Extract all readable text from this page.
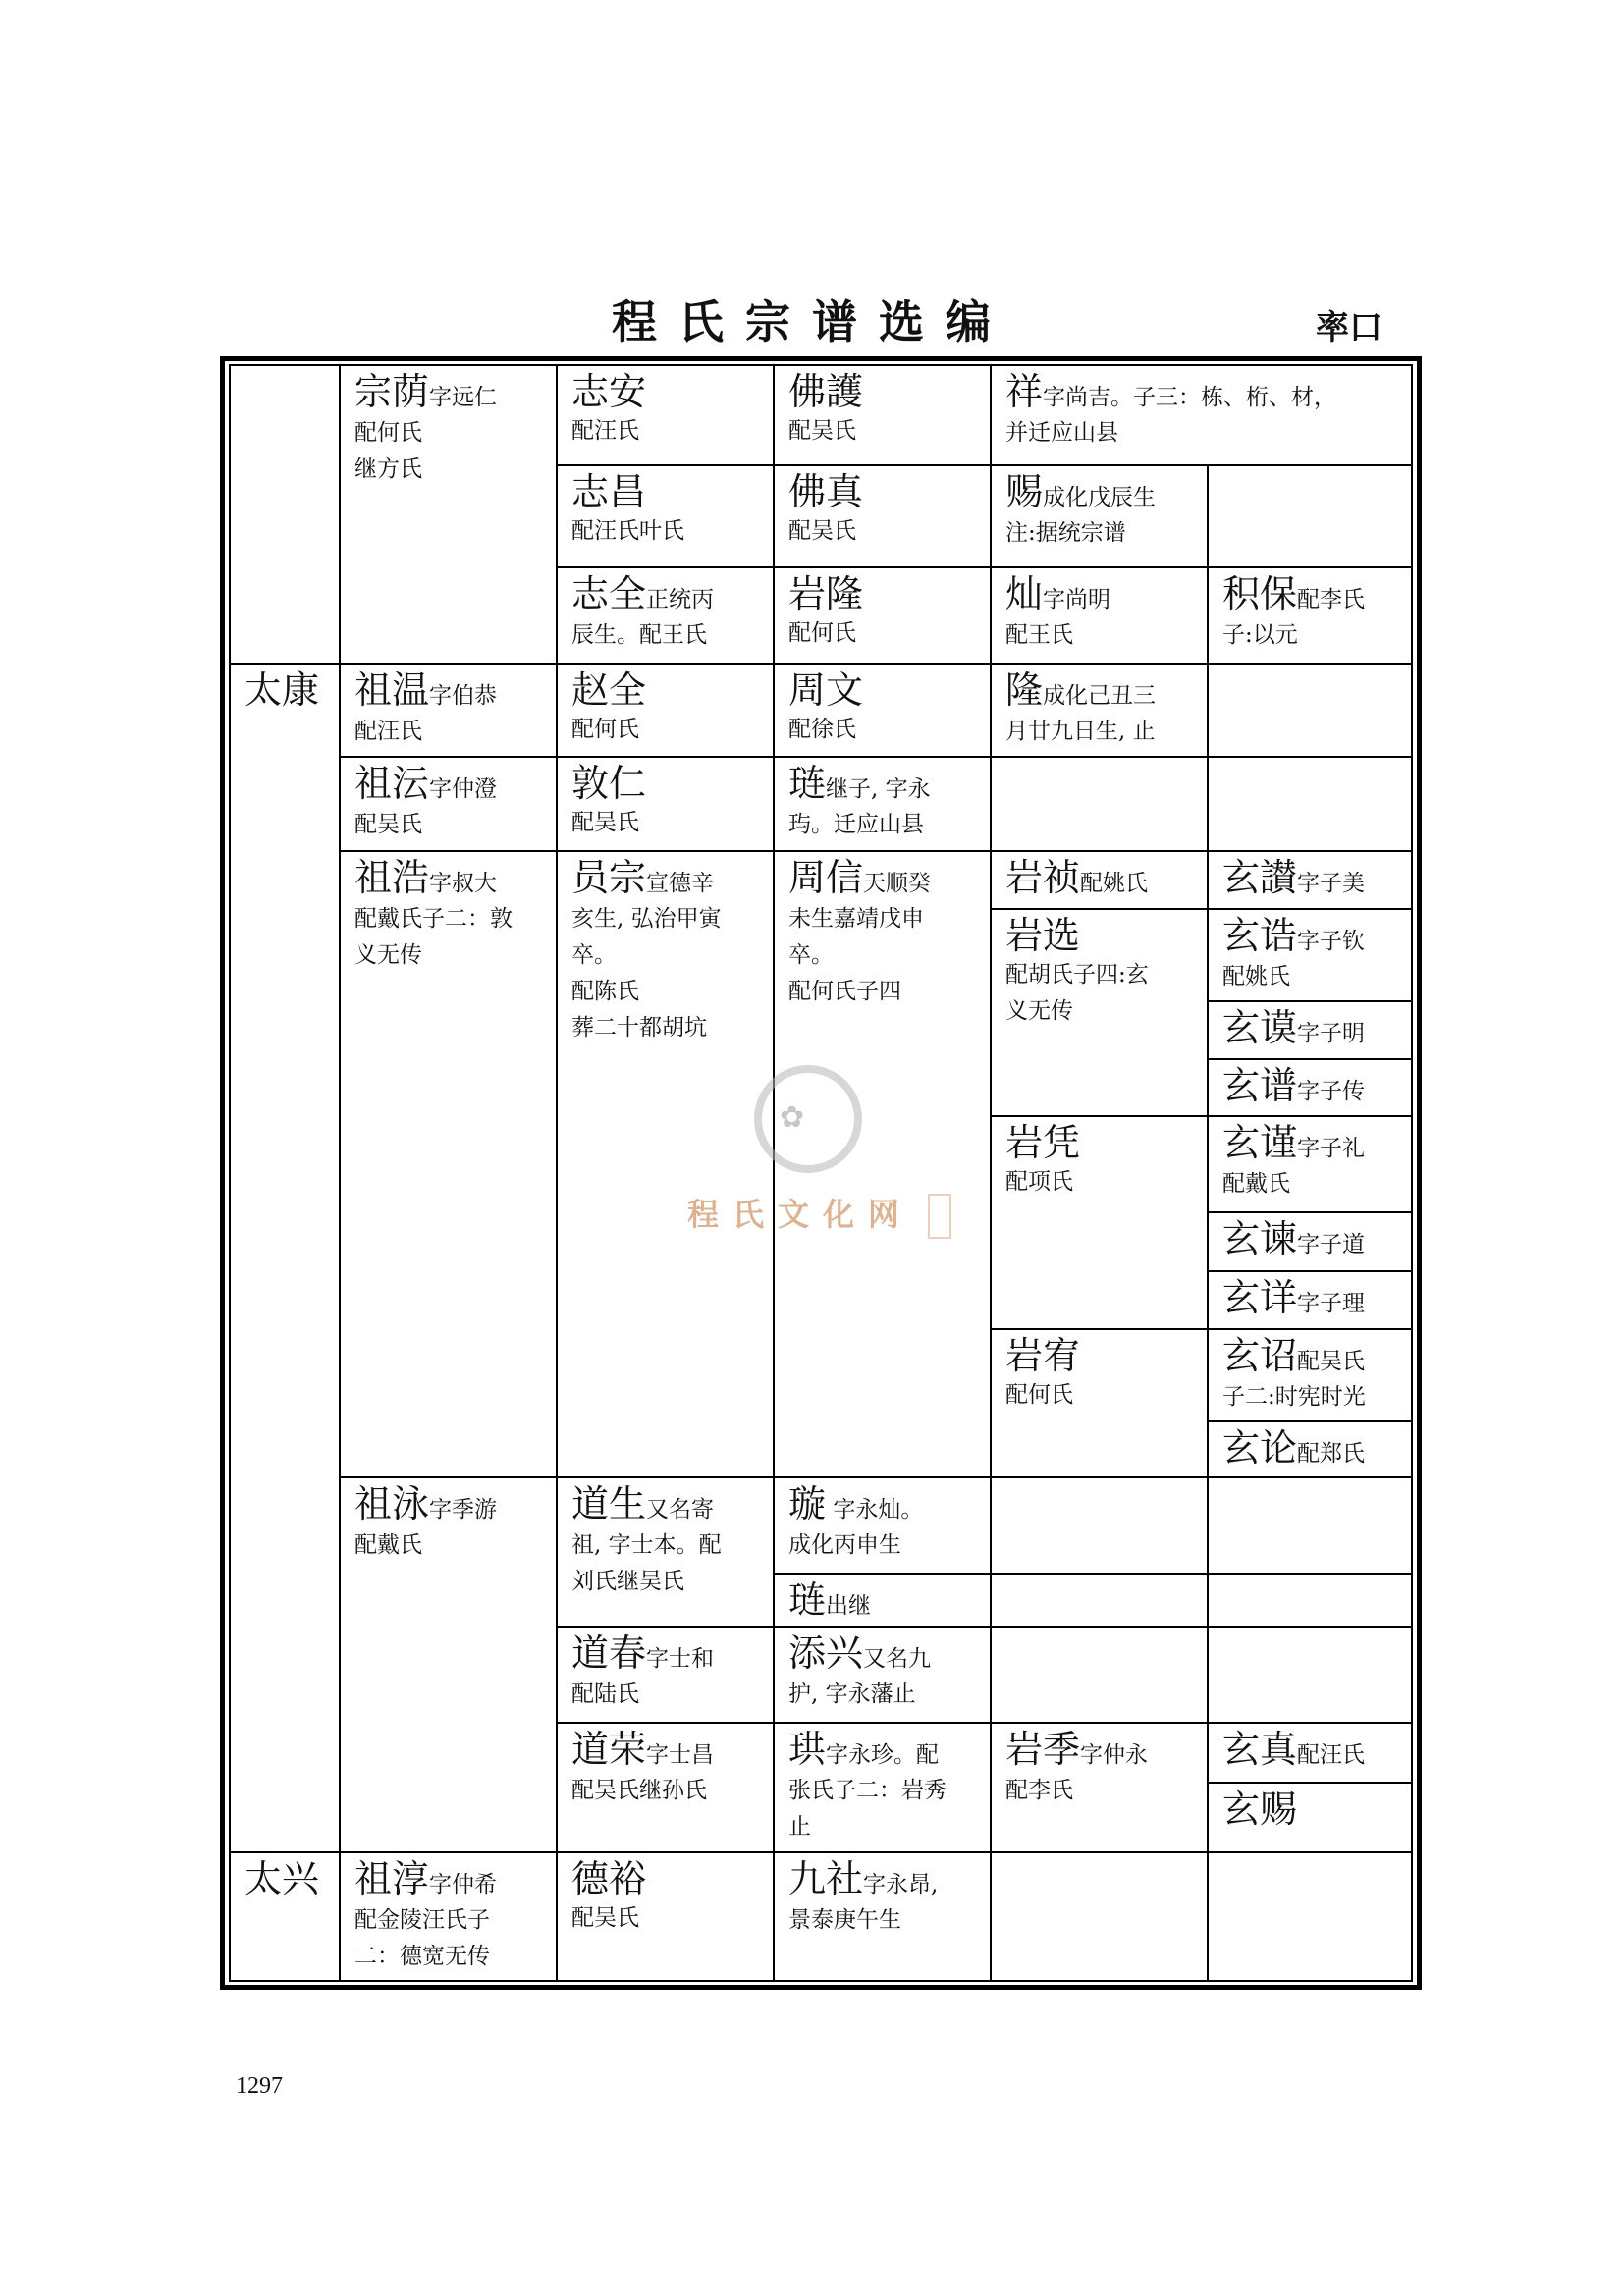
程氏宗谱选编	率口
太康
太兴
宗荫字远仁
配何氏
继方氏
祖温字伯恭
配汪氏
祖沄字仲澄
配吴氏
祖浩字叔大
配戴氏子二：敦
义无传
祖泳字季游
配戴氏
祖淳字仲希
配金陵汪氏子
二：德宽无传
志安
配汪氏
志昌
配汪氏叶氏
志全正统丙
辰生。配王氏
赵全
配何氏
敦仁
配吴氏
员宗宣德辛
亥生, 弘治甲寅
卒。
配陈氏
葬二十都胡坑
道生又名寄
祖, 字士本。配
刘氏继吴氏
道春字士和
配陆氏
道荣字士昌
配吴氏继孙氏
德裕
配吴氏
佛護
配吴氏
佛真
配吴氏
岩隆
配何氏
周文
配徐氏
琏继子, 字永
玙。迁应山县
周信天顺癸
未生嘉靖戊申
卒。
配何氏子四
璇 字永灿。
成化丙申生
琏出继
添兴又名九
护, 字永藩止
珙字永珍。配
张氏子二：岩秀
止
九社字永昂,
景泰庚午生
祥字尚吉。子三：栋、桁、材，
并迁应山县
赐成化戊辰生
注:据统宗谱
灿字尚明
配王氏
积保配李氏
子:以元
隆成化己丑三
月廿九日生, 止
岩祯配姚氏
岩选
配胡氏子四:玄
义无传
岩凭
配项氏
岩宥
配何氏
玄讃字子美
玄诰字子钦
配姚氏
玄谟字子明
玄谱字子传
玄谨字子礼
配戴氏
玄谏字子道
玄详字子理
玄诏配吴氏
子二:时宪时光
玄论配郑氏
岩季字仲永
配李氏
玄真配汪氏
玄赐
✿
程氏文化网
1297
